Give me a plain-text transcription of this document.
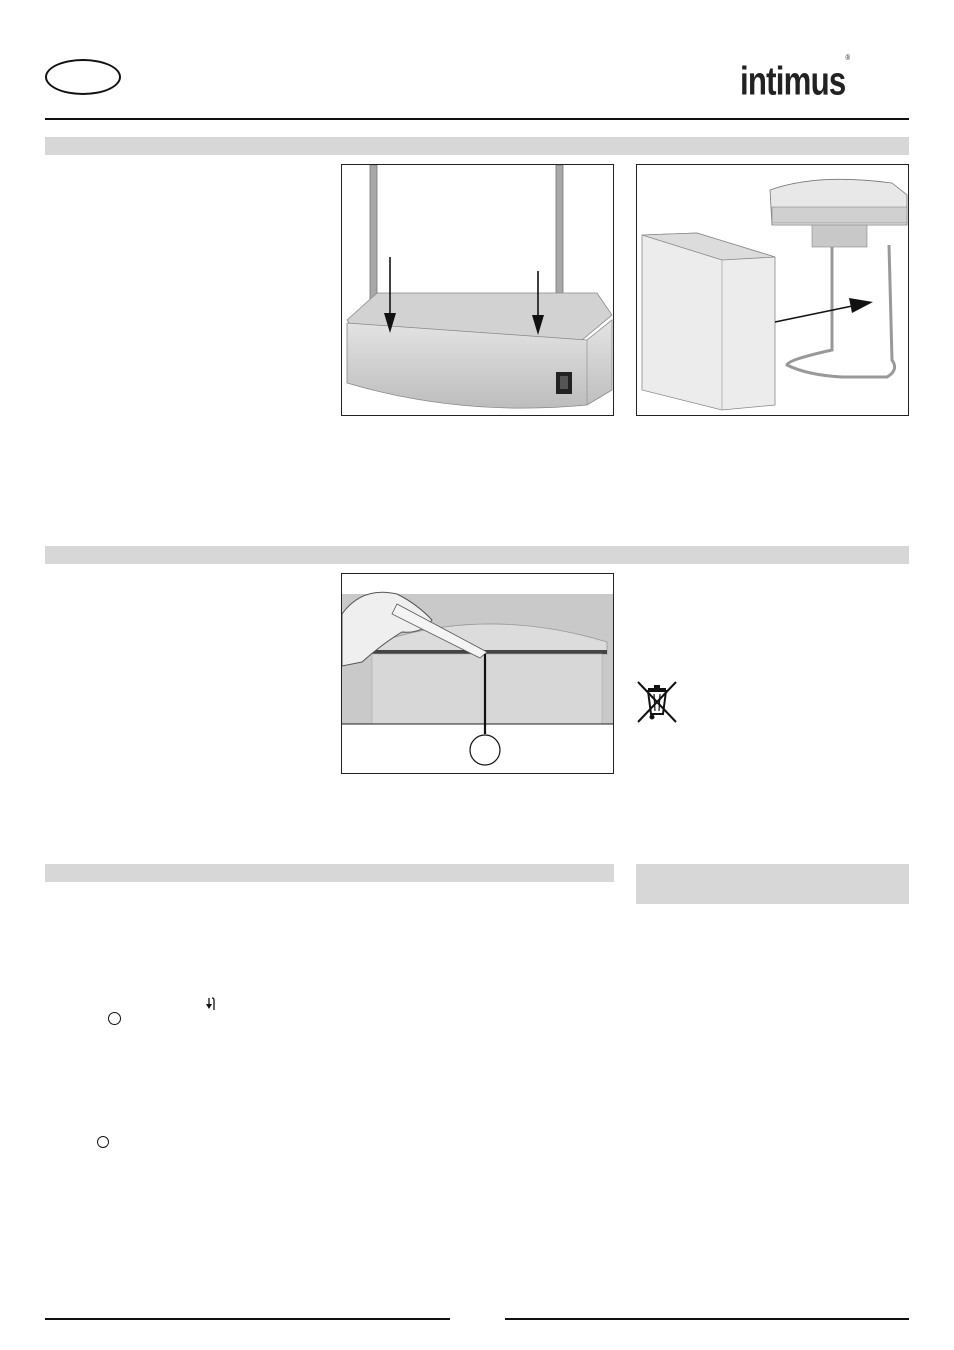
intimus®
